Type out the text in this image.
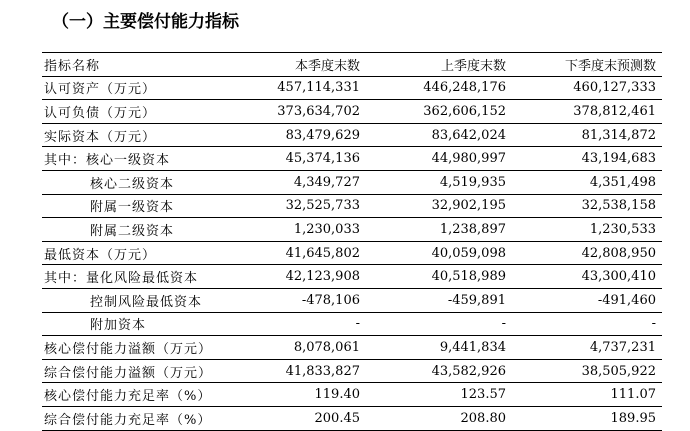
（一）主要偿付能力指标
指标名称	本季度末数	上季度末数	下季度末预测数
认可资产（万元）	457,114,331	446,248,176	460,127,333
认可负债（万元）	373,634,702	362,606,152	378,812,461
实际资本（万元）	83,479,629	83,642,024	81,314,872
其中：核心一级资本	45,374,136	44,980,997	43,194,683
核心二级资本	4,349,727	4,519,935	4,351,498
附属一级资本	32,525,733	32,902,195	32,538,158
附属二级资本	1,230,033	1,238,897	1,230,533
最低资本（万元）	41,645,802	40,059,098	42,808,950
其中：量化风险最低资本	42,123,908	40,518,989	43,300,410
控制风险最低资本	-478,106	-459,891	-491,460
附加资本	-	-	-
核心偿付能力溢额（万元）	8,078,061	9,441,834	4,737,231
综合偿付能力溢额（万元）	41,833,827	43,582,926	38,505,922
核心偿付能力充足率（%）	119.40	123.57	111.07
综合偿付能力充足率（%）	200.45	208.80	189.95
